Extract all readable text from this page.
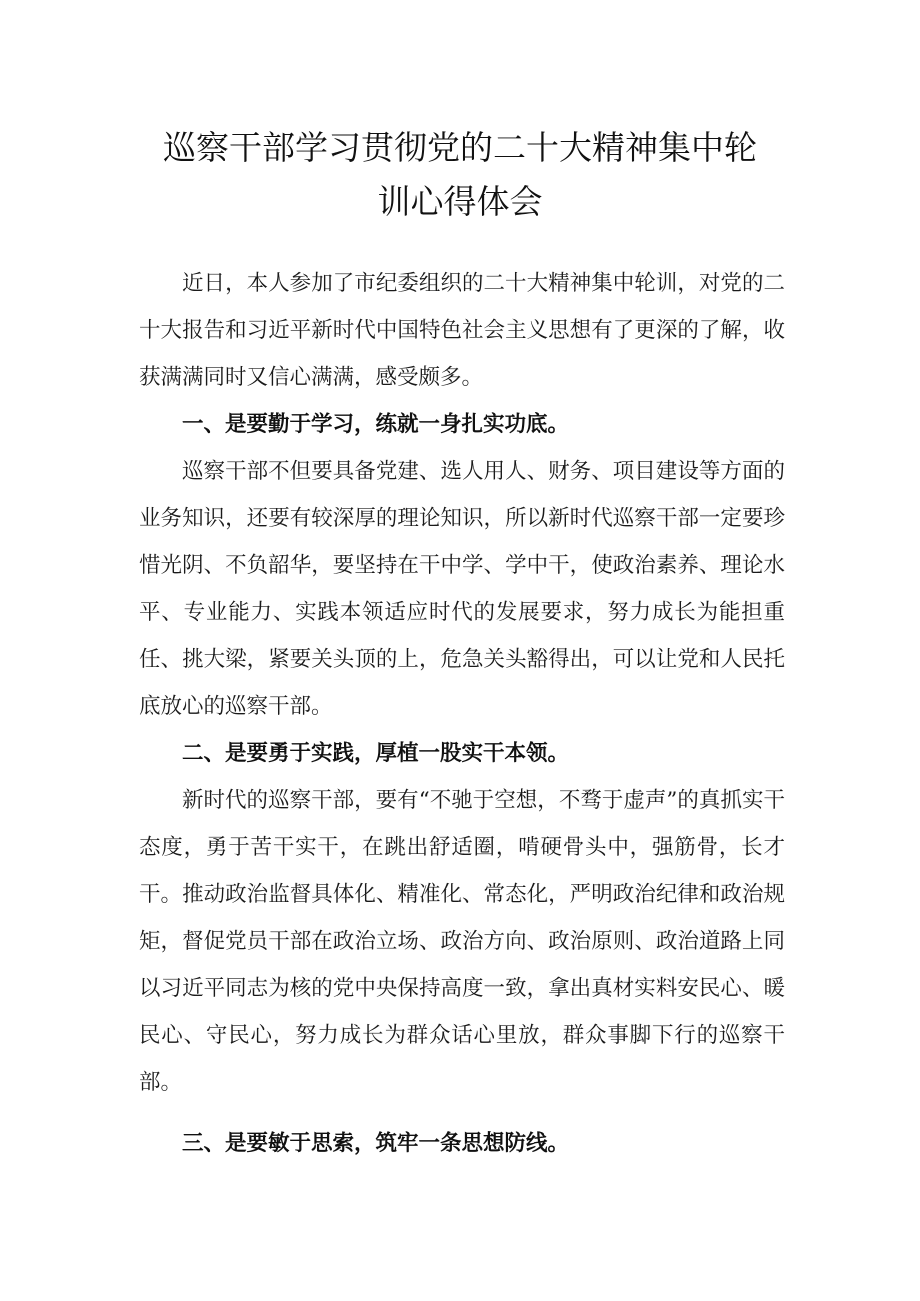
巡察干部学习贯彻党的二十大精神集中轮
训心得体会

近日，本人参加了市纪委组织的二十大精神集中轮训，对党的二十大报告和习近平新时代中国特色社会主义思想有了更深的了解，收获满满同时又信心满满，感受颇多。

一、是要勤于学习，练就一身扎实功底。

巡察干部不但要具备党建、选人用人、财务、项目建设等方面的业务知识，还要有较深厚的理论知识，所以新时代巡察干部一定要珍惜光阴、不负韶华，要坚持在干中学、学中干，使政治素养、理论水平、专业能力、实践本领适应时代的发展要求，努力成长为能担重任、挑大梁，紧要关头顶的上，危急关头豁得出，可以让党和人民托底放心的巡察干部。

二、是要勇于实践，厚植一股实干本领。

新时代的巡察干部，要有“不驰于空想，不骛于虚声”的真抓实干态度，勇于苦干实干，在跳出舒适圈，啃硬骨头中，强筋骨，长才干。推动政治监督具体化、精准化、常态化，严明政治纪律和政治规矩，督促党员干部在政治立场、政治方向、政治原则、政治道路上同以习近平同志为核的党中央保持高度一致，拿出真材实料安民心、暖民心、守民心，努力成长为群众话心里放，群众事脚下行的巡察干部。

三、是要敏于思索，筑牢一条思想防线。
